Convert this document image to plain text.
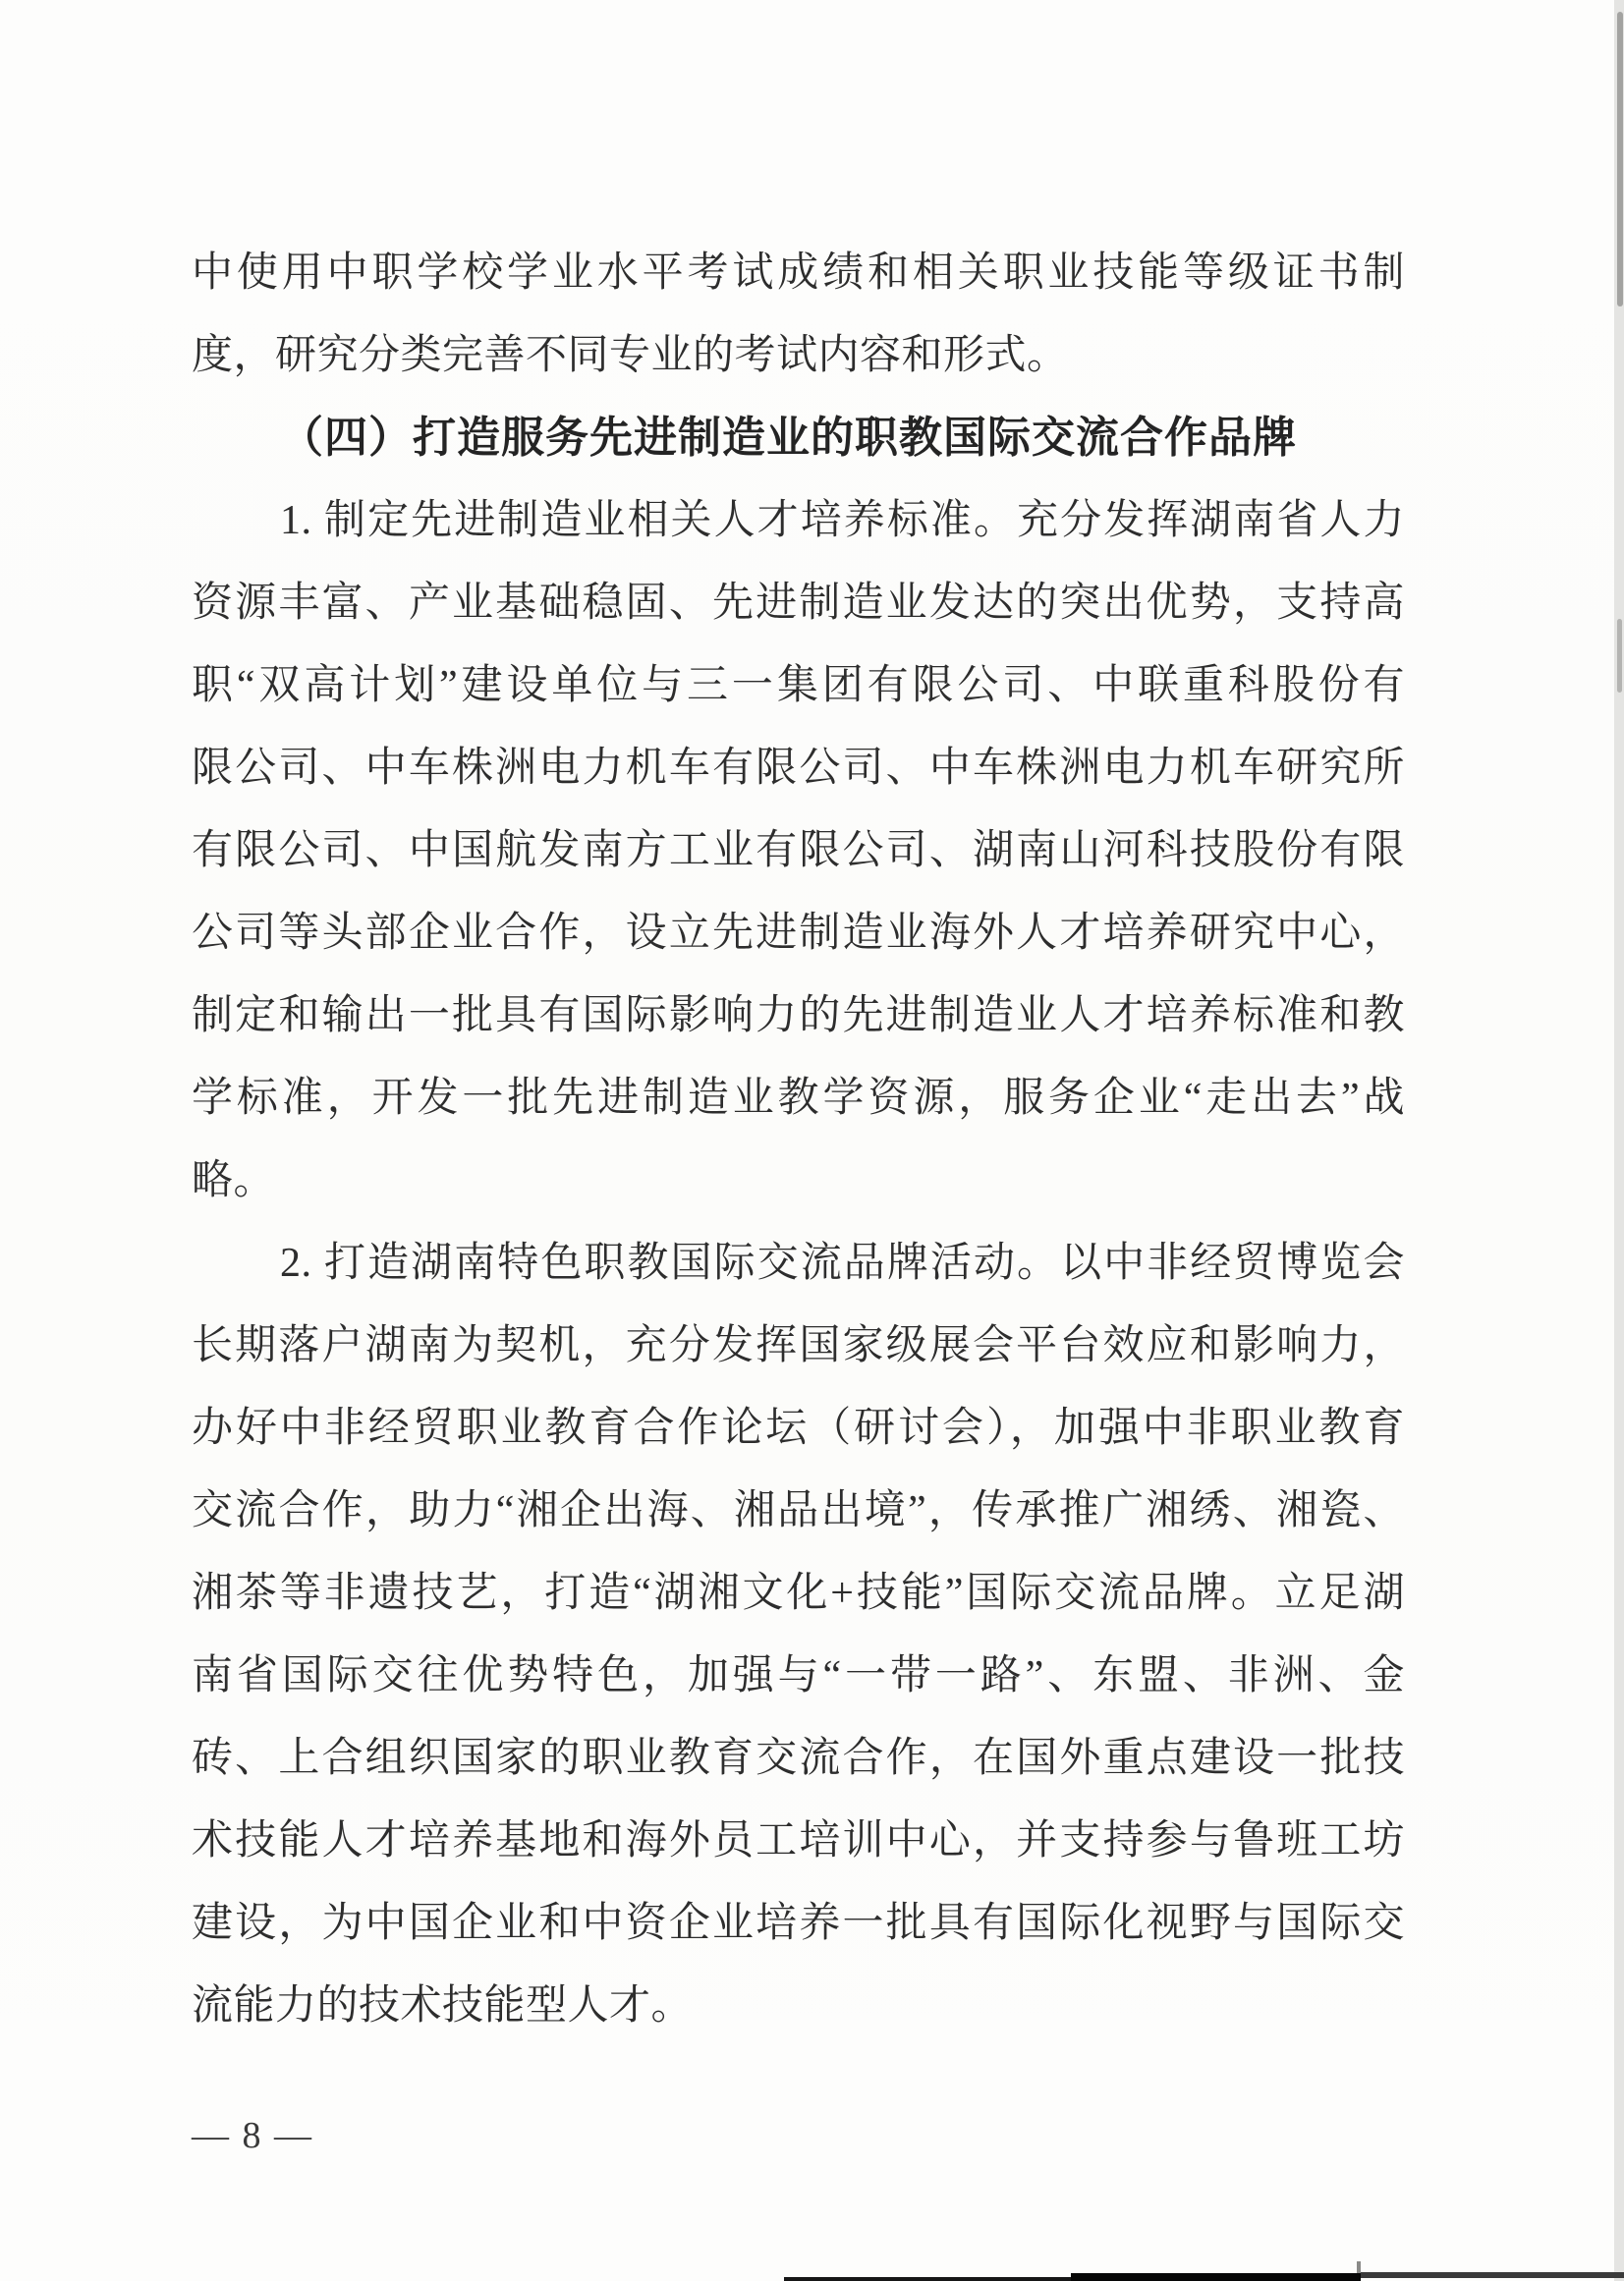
中使用中职学校学业水平考试成绩和相关职业技能等级证书制
度，研究分类完善不同专业的考试内容和形式。
（四）打造服务先进制造业的职教国际交流合作品牌
1. 制定先进制造业相关人才培养标准。充分发挥湖南省人力
资源丰富、产业基础稳固、先进制造业发达的突出优势，支持高
职“双高计划”建设单位与三一集团有限公司、中联重科股份有
限公司、中车株洲电力机车有限公司、中车株洲电力机车研究所
有限公司、中国航发南方工业有限公司、湖南山河科技股份有限
公司等头部企业合作，设立先进制造业海外人才培养研究中心，
制定和输出一批具有国际影响力的先进制造业人才培养标准和教
学标准，开发一批先进制造业教学资源，服务企业“走出去”战
略。
2. 打造湖南特色职教国际交流品牌活动。以中非经贸博览会
长期落户湖南为契机，充分发挥国家级展会平台效应和影响力，
办好中非经贸职业教育合作论坛（研讨会），加强中非职业教育
交流合作，助力“湘企出海、湘品出境”，传承推广湘绣、湘瓷、
湘茶等非遗技艺，打造“湖湘文化+技能”国际交流品牌。立足湖
南省国际交往优势特色，加强与“一带一路”、东盟、非洲、金
砖、上合组织国家的职业教育交流合作，在国外重点建设一批技
术技能人才培养基地和海外员工培训中心，并支持参与鲁班工坊
建设，为中国企业和中资企业培养一批具有国际化视野与国际交
流能力的技术技能型人才。
— 8 —
